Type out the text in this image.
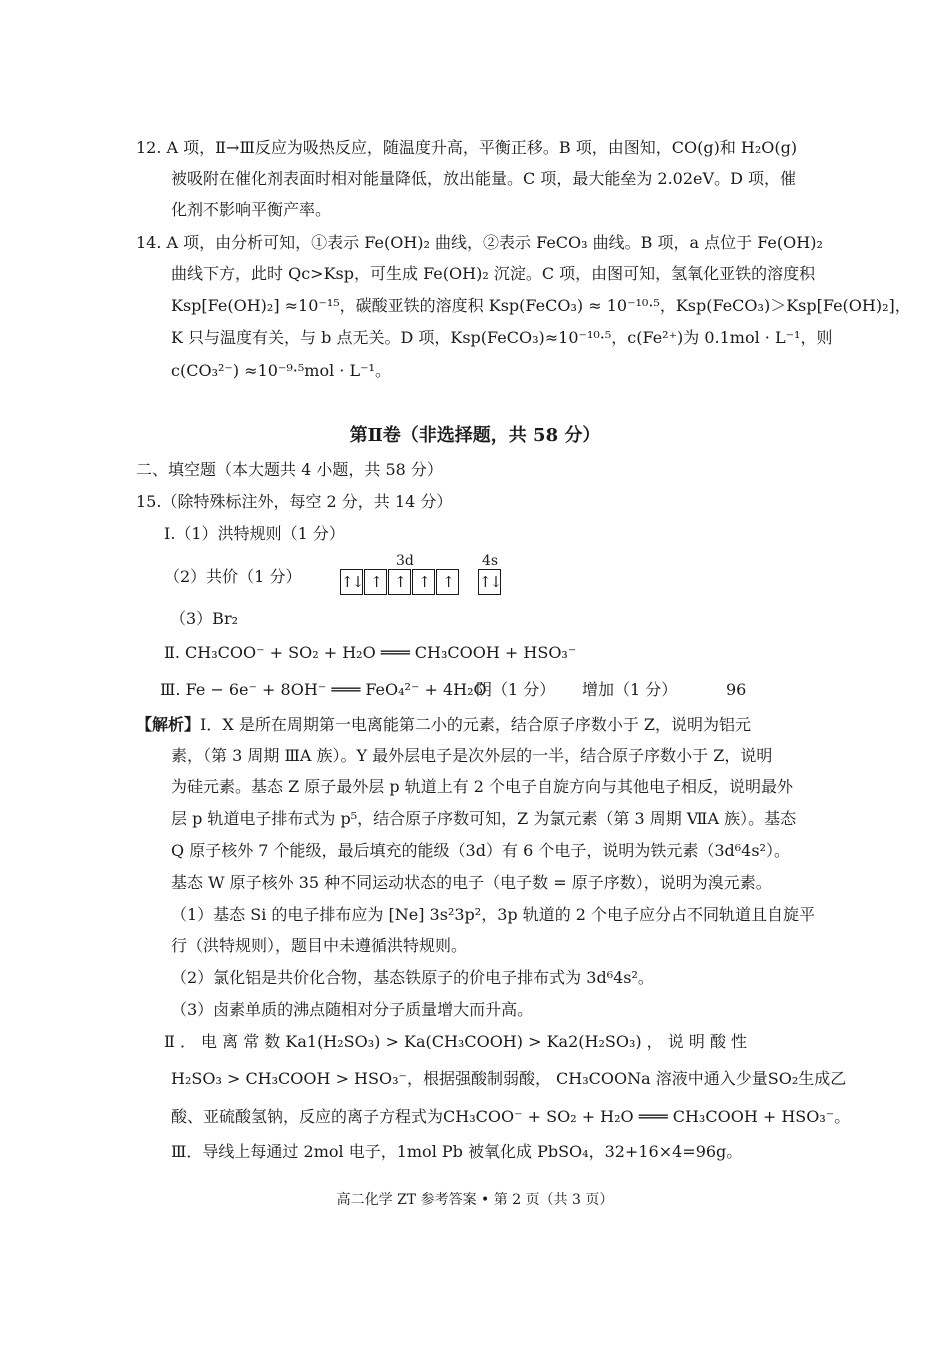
12. A 项，Ⅱ→Ⅲ反应为吸热反应，随温度升高，平衡正移。B 项，由图知，CO(g)和 H₂O(g)
被吸附在催化剂表面时相对能量降低，放出能量。C 项，最大能垒为 2.02eV。D 项，催
化剂不影响平衡产率。
14. A 项，由分析可知，①表示 Fe(OH)₂ 曲线，②表示 FeCO₃ 曲线。B 项，a 点位于 Fe(OH)₂
曲线下方，此时 Qc>Ksp，可生成 Fe(OH)₂ 沉淀。C 项，由图可知，氢氧化亚铁的溶度积
Ksp[Fe(OH)₂] ≈10⁻¹⁵，碳酸亚铁的溶度积 Ksp(FeCO₃) ≈ 10⁻¹⁰·⁵，Ksp(FeCO₃)＞Ksp[Fe(OH)₂]，
K 只与温度有关，与 b 点无关。D 项，Ksp(FeCO₃)≈10⁻¹⁰·⁵，c(Fe²⁺)为 0.1mol · L⁻¹，则
c(CO₃²⁻) ≈10⁻⁹·⁵mol · L⁻¹。
第Ⅱ卷（非选择题，共 58 分）
二、填空题（本大题共 4 小题，共 58 分）
15.（除特殊标注外，每空 2 分，共 14 分）
Ⅰ.（1）洪特规则（1 分）
（2）共价（1 分）
3d	4s
↑↓ ↑ ↑ ↑ ↑	↑↓
（3）Br₂
Ⅱ. CH₃COO⁻ + SO₂ + H₂O ═══ CH₃COOH + HSO₃⁻
Ⅲ. Fe − 6e⁻ + 8OH⁻ ═══ FeO₄²⁻ + 4H₂O
阴（1 分） 增加（1 分）	96
【解析】Ⅰ．X 是所在周期第一电离能第二小的元素，结合原子序数小于 Z，说明为铝元
素，（第 3 周期 ⅢA 族）。Y 最外层电子是次外层的一半，结合原子序数小于 Z，说明
为硅元素。基态 Z 原子最外层 p 轨道上有 2 个电子自旋方向与其他电子相反，说明最外
层 p 轨道电子排布式为 p⁵，结合原子序数可知，Z 为氯元素（第 3 周期 ⅦA 族）。基态
Q 原子核外 7 个能级，最后填充的能级（3d）有 6 个电子，说明为铁元素（3d⁶4s²）。
基态 W 原子核外 35 种不同运动状态的电子（电子数 = 原子序数），说明为溴元素。
（1）基态 Si 的电子排布应为 [Ne] 3s²3p²，3p 轨道的 2 个电子应分占不同轨道且自旋平
行（洪特规则），题目中未遵循洪特规则。
（2）氯化铝是共价化合物，基态铁原子的价电子排布式为 3d⁶4s²。
（3）卤素单质的沸点随相对分子质量增大而升高。
Ⅱ ． 电 离 常 数 Ka1(H₂SO₃) > Ka(CH₃COOH) > Ka2(H₂SO₃) ， 说 明 酸 性
H₂SO₃ > CH₃COOH > HSO₃⁻，根据强酸制弱酸， CH₃COONa 溶液中通入少量SO₂生成乙
酸、亚硫酸氢钠，反应的离子方程式为CH₃COO⁻ + SO₂ + H₂O ═══ CH₃COOH + HSO₃⁻。
Ⅲ．导线上每通过 2mol 电子，1mol Pb 被氧化成 PbSO₄，32+16×4=96g。
高二化学 ZT 参考答案 • 第 2 页（共 3 页）
